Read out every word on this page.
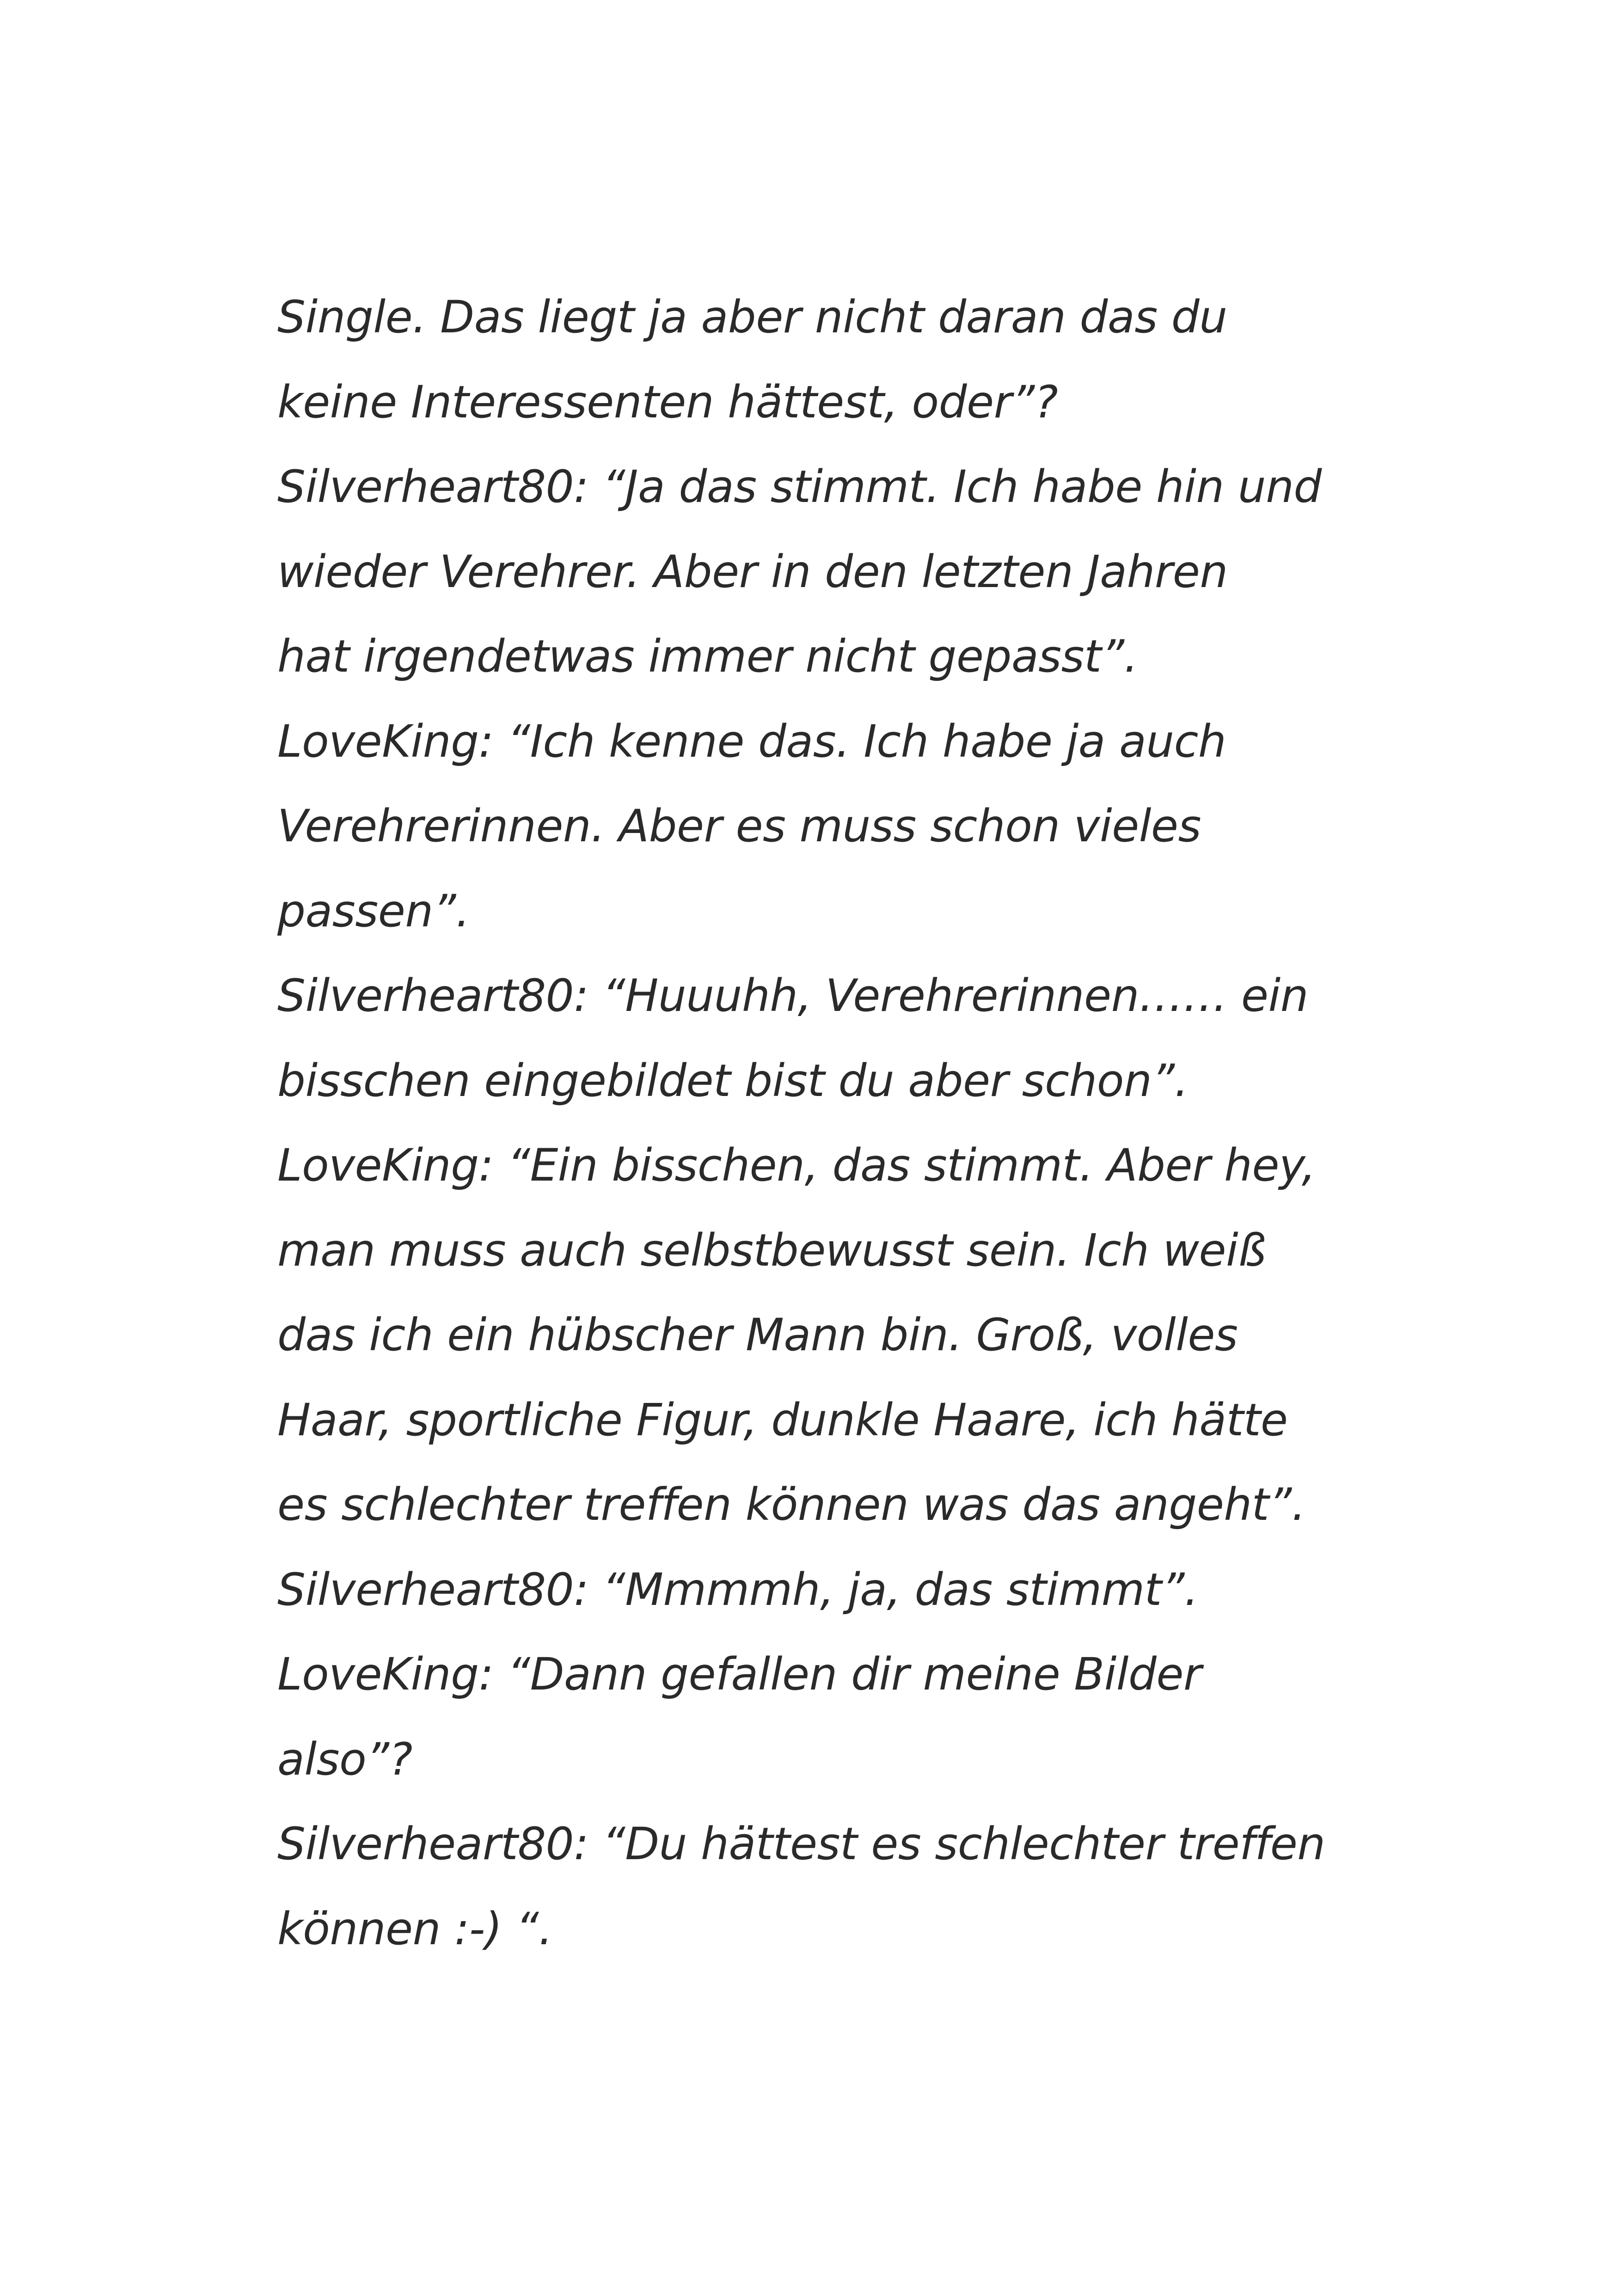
Single. Das liegt ja aber nicht daran das du
keine Interessenten hättest, oder”?
Silverheart80: “Ja das stimmt. Ich habe hin und
wieder Verehrer. Aber in den letzten Jahren
hat irgendetwas immer nicht gepasst”.
LoveKing: “Ich kenne das. Ich habe ja auch
Verehrerinnen. Aber es muss schon vieles
passen”.
Silverheart80: “Huuuhh, Verehrerinnen…… ein
bisschen eingebildet bist du aber schon”.
LoveKing: “Ein bisschen, das stimmt. Aber hey,
man muss auch selbstbewusst sein. Ich weiß
das ich ein hübscher Mann bin. Groß, volles
Haar, sportliche Figur, dunkle Haare, ich hätte
es schlechter treffen können was das angeht”.
Silverheart80: “Mmmmh, ja, das stimmt”.
LoveKing: “Dann gefallen dir meine Bilder
also”?
Silverheart80: “Du hättest es schlechter treffen
können :-) “.
